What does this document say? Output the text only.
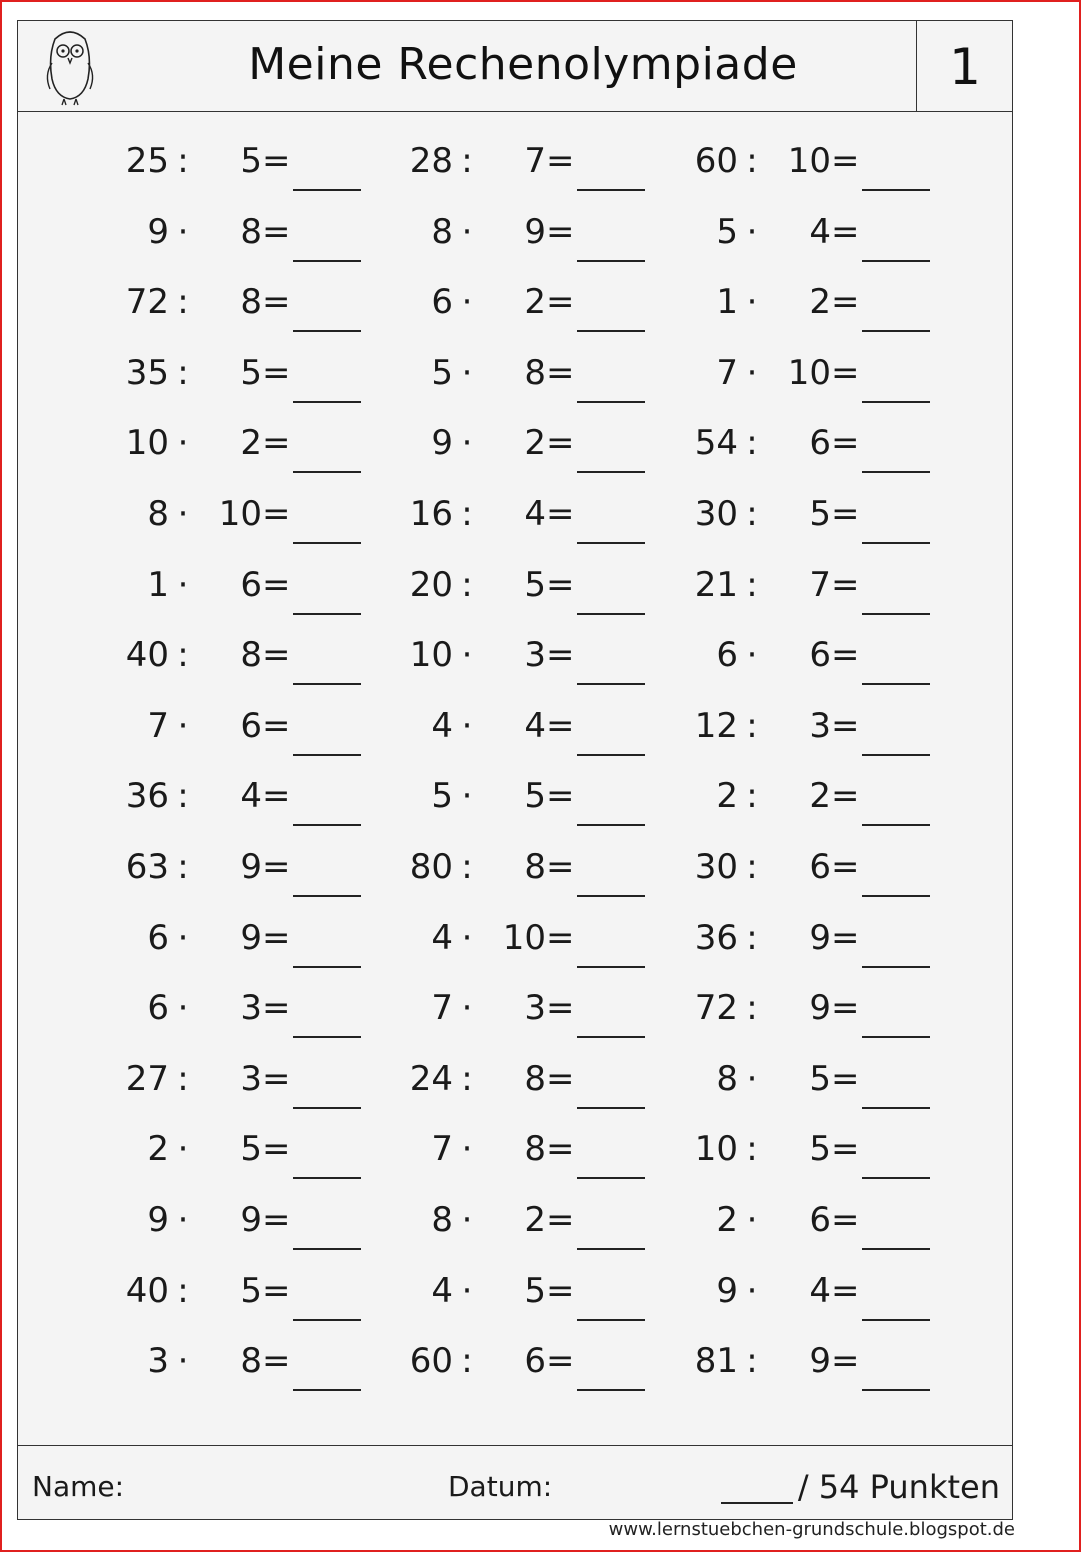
Meine Rechenolympiade	1
25 : 5 =
9 · 8 =
72 : 8 =
35 : 5 =
10 · 2 =
8 · 10 =
1 · 6 =
40 : 8 =
7 · 6 =
36 : 4 =
63 : 9 =
6 · 9 =
6 · 3 =
27 : 3 =
2 · 5 =
9 · 9 =
40 : 5 =
3 · 8 =
28 : 7 =
8 · 9 =
6 · 2 =
5 · 8 =
9 · 2 =
16 : 4 =
20 : 5 =
10 · 3 =
4 · 4 =
5 · 5 =
80 : 8 =
4 · 10 =
7 · 3 =
24 : 8 =
7 · 8 =
8 · 2 =
4 · 5 =
60 : 6 =
60 : 10 =
5 · 4 =
1 · 2 =
7 · 10 =
54 : 6 =
30 : 5 =
21 : 7 =
6 · 6 =
12 : 3 =
2 : 2 =
30 : 6 =
36 : 9 =
72 : 9 =
8 · 5 =
10 : 5 =
2 · 6 =
9 · 4 =
81 : 9 =
Name:	Datum:	/ 54 Punkten
www.lernstuebchen-grundschule.blogspot.de
